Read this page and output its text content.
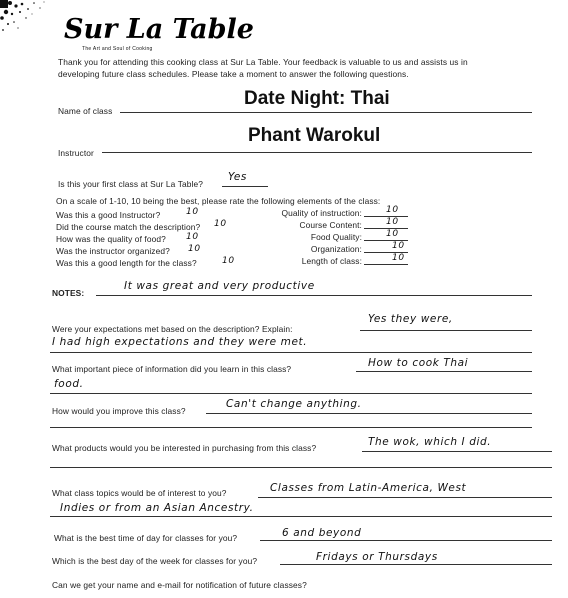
Sur La Table
The Art and Soul of Cooking
Thank you for attending this cooking class at Sur La Table. Your feedback is valuable to us and assists us in
developing future class schedules. Please take a moment to answer the following questions.
Name of class
Date Night: Thai
Instructor
Phant Warokul
Is this your first class at Sur La Table?
Yes
On a scale of 1-10, 10 being the best, please rate the following elements of the class:
Was this a good Instructor?	10
Did the course match the description? 10
How was the quality of food? 10
Was the instructor organized? 10
Was this a good length for the class?	10
Quality of instruction:	10
Course Content:	10
Food Quality:	10
Organization:	10
Length of class:	10
NOTES:
It was great and very productive
Were your expectations met based on the description? Explain:
Yes they were,
I had high expectations and they were met.
What important piece of information did you learn in this class?	How to cook Thai
food.
How would you improve this class?
Can't change anything.
What products would you be interested in purchasing from this class?	The wok, which I did.
What class topics would be of interest to you?	Classes from Latin-America, West
Indies or from an Asian Ancestry.
What is the best time of day for classes for you?	6 and beyond
Which is the best day of the week for classes for you?	Fridays or Thursdays
Can we get your name and e-mail for notification of future classes?
